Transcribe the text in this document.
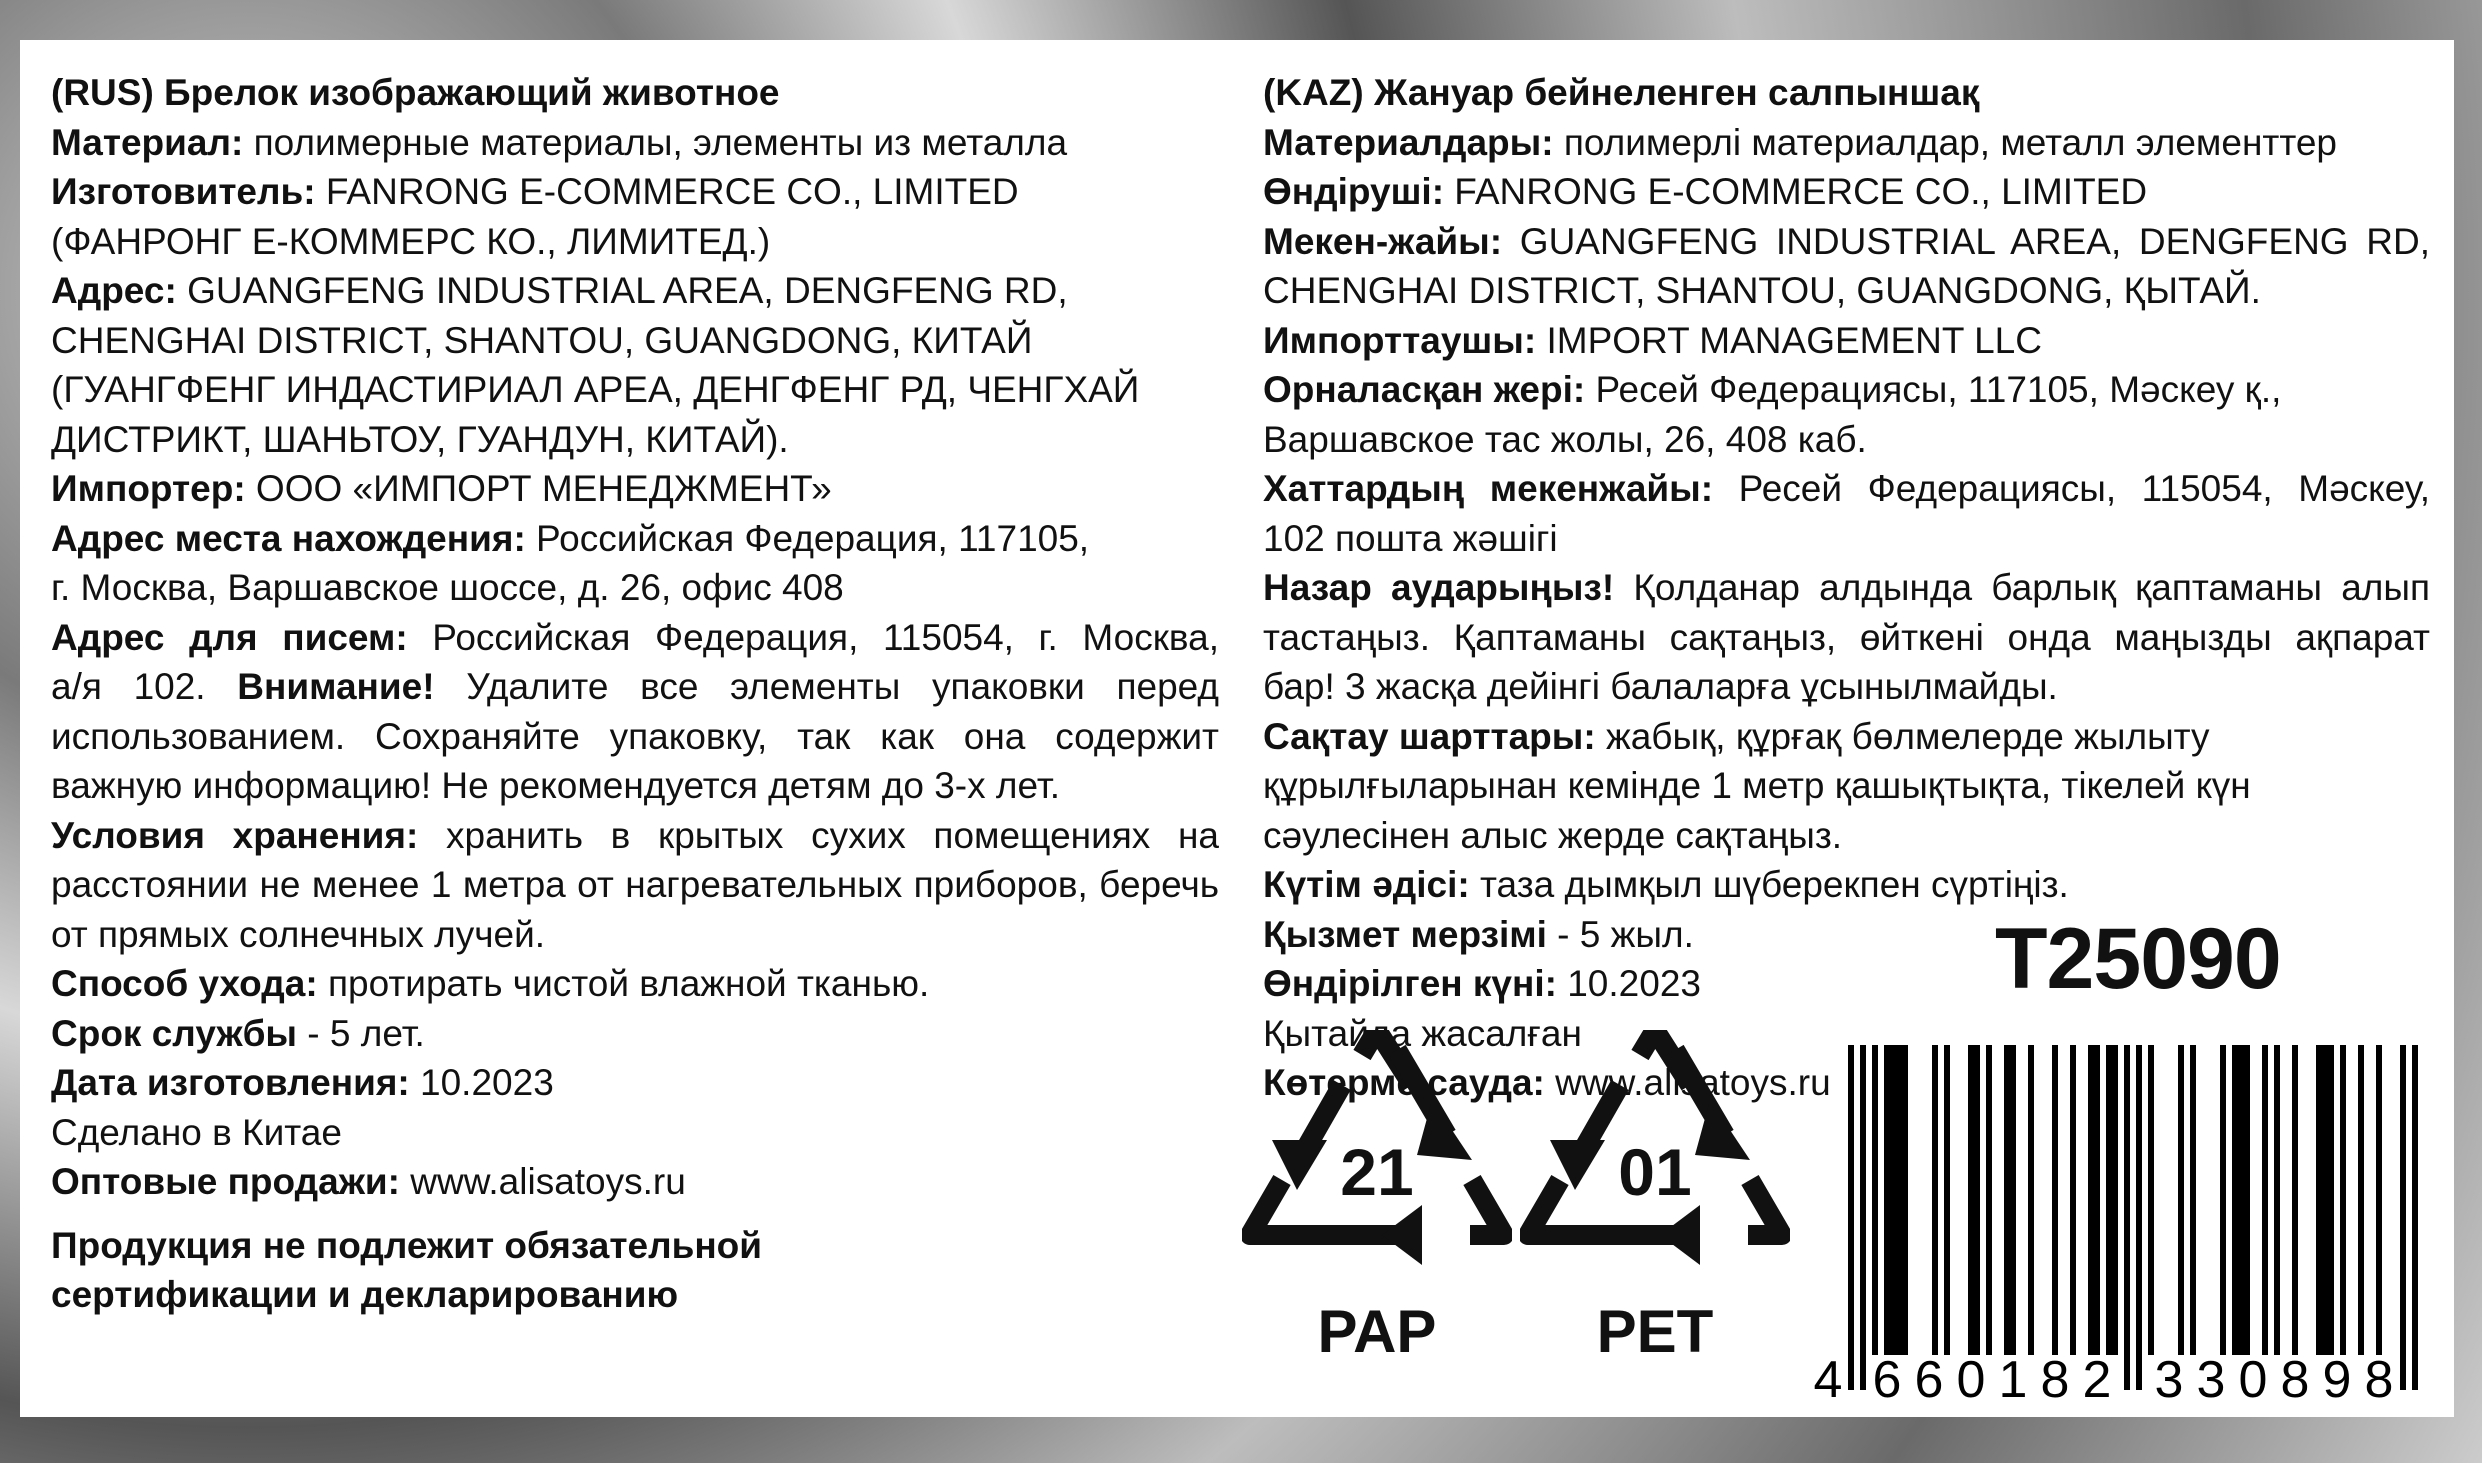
(RUS) Брелок изображающий животное
Материал: полимерные материалы, элементы из металла
Изготовитель: FANRONG E-COMMERCE CO., LIMITED
(ФАНРОНГ Е-КОММЕРС КО., ЛИМИТЕД.)
Адрес: GUANGFENG INDUSTRIAL AREA, DENGFENG RD,
CHENGHAI DISTRICT, SHANTOU, GUANGDONG, КИТАЙ
(ГУАНГФЕНГ ИНДАСТИРИАЛ АРЕА, ДЕНГФЕНГ РД, ЧЕНГХАЙ
ДИСТРИКТ, ШАНЬТОУ, ГУАНДУН, КИТАЙ).
Импортер: ООО «ИМПОРТ МЕНЕДЖМЕНТ»
Адрес места нахождения: Российская Федерация, 117105,
г. Москва, Варшавское шоссе, д. 26, офис 408
Адрес для писем: Российская Федерация, 115054, г. Москва,
а/я 102. Внимание! Удалите все элементы упаковки перед
использованием. Сохраняйте упаковку, так как она содержит
важную информацию! Не рекомендуется детям до 3-х лет.
Условия хранения: хранить в крытых сухих помещениях на
расстоянии не менее 1 метра от нагревательных приборов, беречь
от прямых солнечных лучей.
Способ ухода: протирать чистой влажной тканью.
Срок службы - 5 лет.
Дата изготовления: 10.2023
Сделано в Китае
Оптовые продажи: www.alisatoys.ru
Продукция не подлежит обязательной
сертификации и декларированию
(KAZ) Жануар бейнеленген салпыншақ
Материалдары: полимерлі материалдар, металл элементтер
Өндіруші: FANRONG E-COMMERCE CO., LIMITED
Мекен-жайы: GUANGFENG INDUSTRIAL AREA, DENGFENG RD,
CHENGHAI DISTRICT, SHANTOU, GUANGDONG, ҚЫТАЙ.
Импорттаушы: IMPORT MANAGEMENT LLC
Орналасқан жері: Ресей Федерациясы, 117105, Мәскеу қ.,
Варшавское тас жолы, 26, 408 каб.
Хаттардың мекенжайы: Ресей Федерациясы, 115054, Мәскеу,
102 пошта жәшігі
Назар аударыңыз! Қолданар алдында барлық қаптаманы алып
тастаңыз. Қаптаманы сақтаңыз, өйткені онда маңызды ақпарат
бар! 3 жасқа дейінгі балаларға ұсынылмайды.
Сақтау шарттары: жабық, құрғақ бөлмелерде жылыту
құрылғыларынан кемінде 1 метр қашықтықта, тікелей күн
сәулесінен алыс жерде сақтаңыз.
Күтім әдісі: таза дымқыл шүберекпен сүртіңіз.
Қызмет мерзімі - 5 жыл.
Өндірілген күні: 10.2023
Қытайда жасалған
Көтерме сауда: www.alisatoys.ru
T25090
21
PAP
01
PET
4 6 6 0 1 8 2 3 3 0 8 9 8
